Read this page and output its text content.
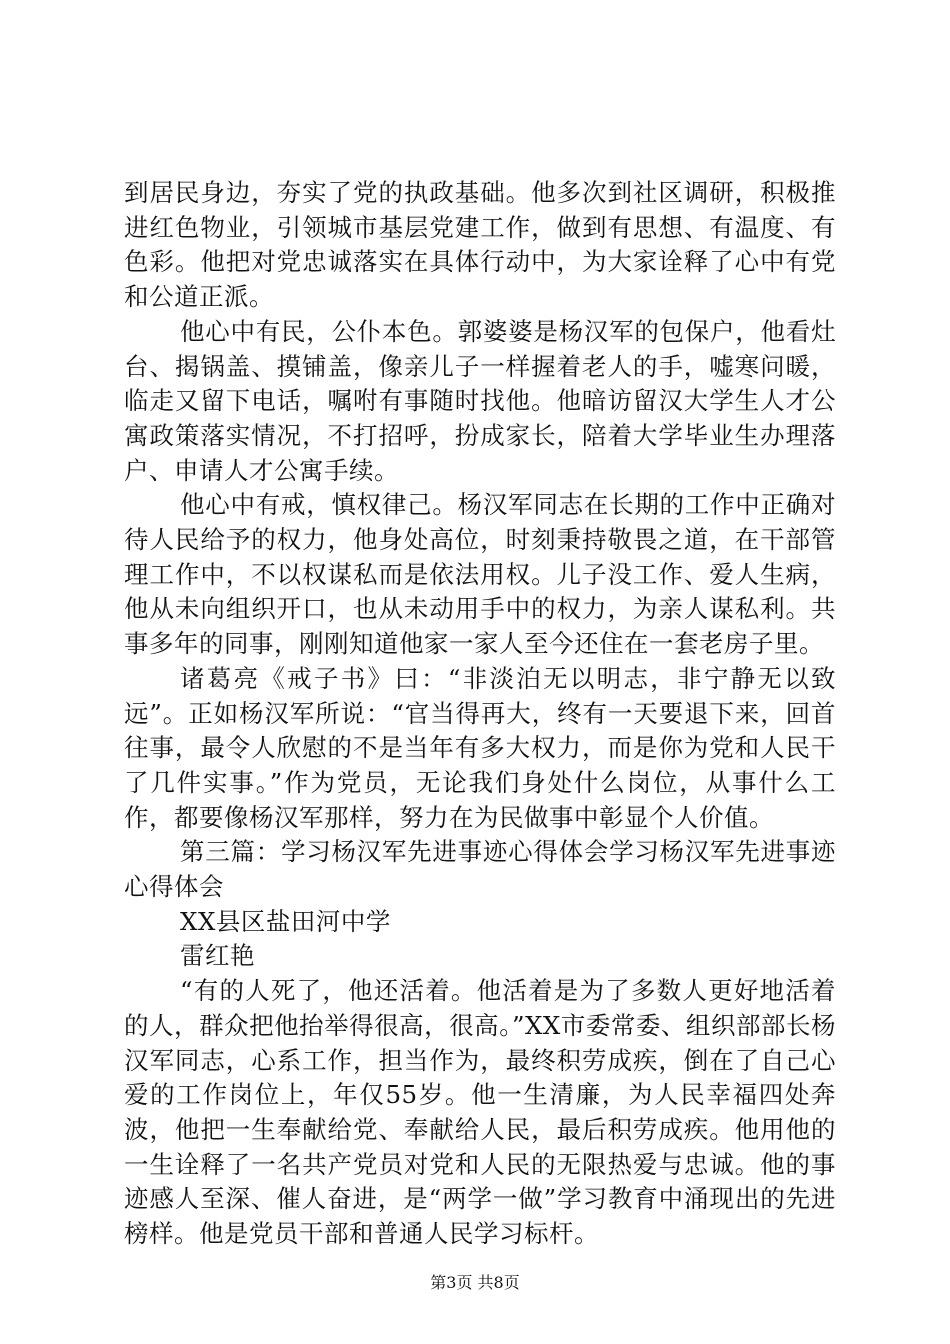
到居民身边，夯实了党的执政基础。他多次到社区调研，积极推进红色物业，引领城市基层党建工作，做到有思想、有温度、有色彩。他把对党忠诚落实在具体行动中，为大家诠释了心中有党和公道正派。

他心中有民，公仆本色。郭婆婆是杨汉军的包保户，他看灶台、揭锅盖、摸铺盖，像亲儿子一样握着老人的手，嘘寒问暖，临走又留下电话，嘱咐有事随时找他。他暗访留汉大学生人才公寓政策落实情况，不打招呼，扮成家长，陪着大学毕业生办理落户、申请人才公寓手续。

他心中有戒，慎权律己。杨汉军同志在长期的工作中正确对待人民给予的权力，他身处高位，时刻秉持敬畏之道，在干部管理工作中，不以权谋私而是依法用权。儿子没工作、爱人生病，他从未向组织开口，也从未动用手中的权力，为亲人谋私利。共事多年的同事，刚刚知道他家一家人至今还住在一套老房子里。

诸葛亮《戒子书》曰：“非淡泊无以明志，非宁静无以致远”。正如杨汉军所说：“官当得再大，终有一天要退下来，回首往事，最令人欣慰的不是当年有多大权力，而是你为党和人民干了几件实事。”作为党员，无论我们身处什么岗位，从事什么工作，都要像杨汉军那样，努力在为民做事中彰显个人价值。

第三篇：学习杨汉军先进事迹心得体会学习杨汉军先进事迹心得体会

XX县区盐田河中学

雷红艳

“有的人死了，他还活着。他活着是为了多数人更好地活着的人，群众把他抬举得很高，很高。”XX市委常委、组织部部长杨汉军同志，心系工作，担当作为，最终积劳成疾，倒在了自己心爱的工作岗位上，年仅55岁。他一生清廉，为人民幸福四处奔波，他把一生奉献给党、奉献给人民，最后积劳成疾。他用他的一生诠释了一名共产党员对党和人民的无限热爱与忠诚。他的事迹感人至深、催人奋进，是“两学一做”学习教育中涌现出的先进榜样。他是党员干部和普通人民学习标杆。

第3页 共8页
